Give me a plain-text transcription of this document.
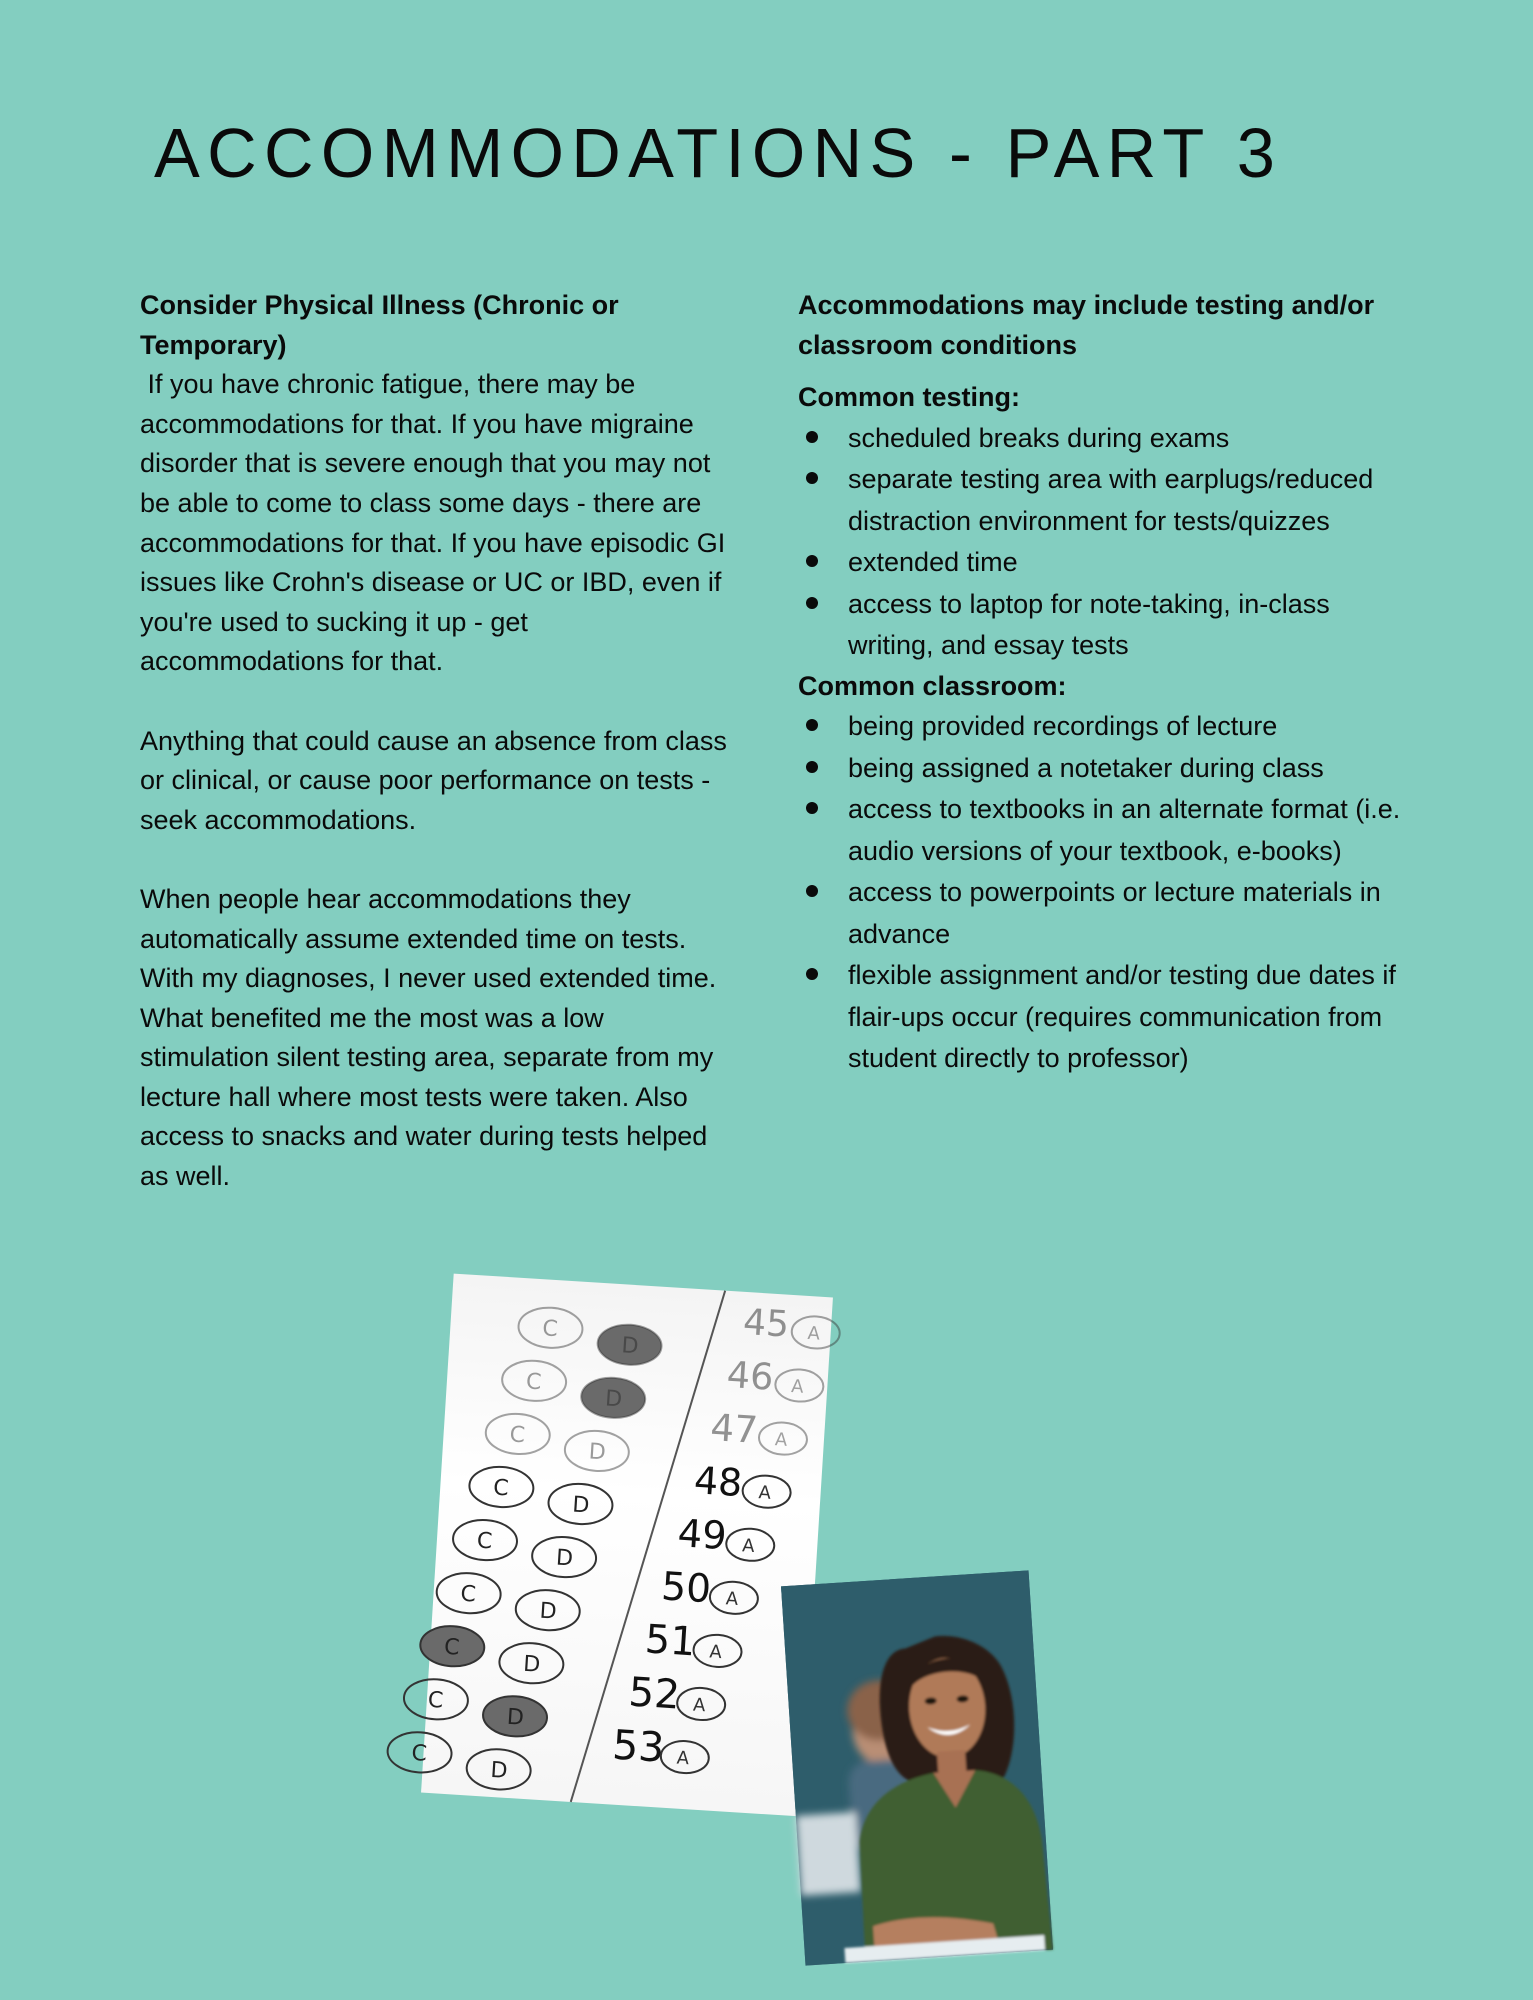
ACCOMMODATIONS - PART 3

Consider Physical Illness (Chronic or Temporary)

If you have chronic fatigue, there may be accommodations for that. If you have migraine disorder that is severe enough that you may not be able to come to class some days - there are accommodations for that. If you have episodic GI issues like Crohn's disease or UC or IBD, even if you're used to sucking it up - get accommodations for that.

Anything that could cause an absence from class or clinical, or cause poor performance on tests - seek accommodations.

When people hear accommodations they automatically assume extended time on tests. With my diagnoses, I never used extended time. What benefited me the most was a low stimulation silent testing area, separate from my lecture hall where most tests were taken. Also access to snacks and water during tests helped as well.

Accommodations may include testing and/or classroom conditions

Common testing:

scheduled breaks during exams
separate testing area with earplugs/reduced distraction environment for tests/quizzes
extended time
access to laptop for note-taking, in-class writing, and essay tests

Common classroom:

being provided recordings of lecture
being assigned a notetaker during class
access to textbooks in an alternate format (i.e. audio versions of your textbook, e-books)
access to powerpoints or lecture materials in advance
flexible assignment and/or testing due dates if flair-ups occur (requires communication from student directly to professor)
45 A
C
D
46 A
C
D
47 A
C
D
48 A
C
D
49 A
C
D
50 A
C
D
51 A
C
D
52 A
C
D
53 A
C
D
